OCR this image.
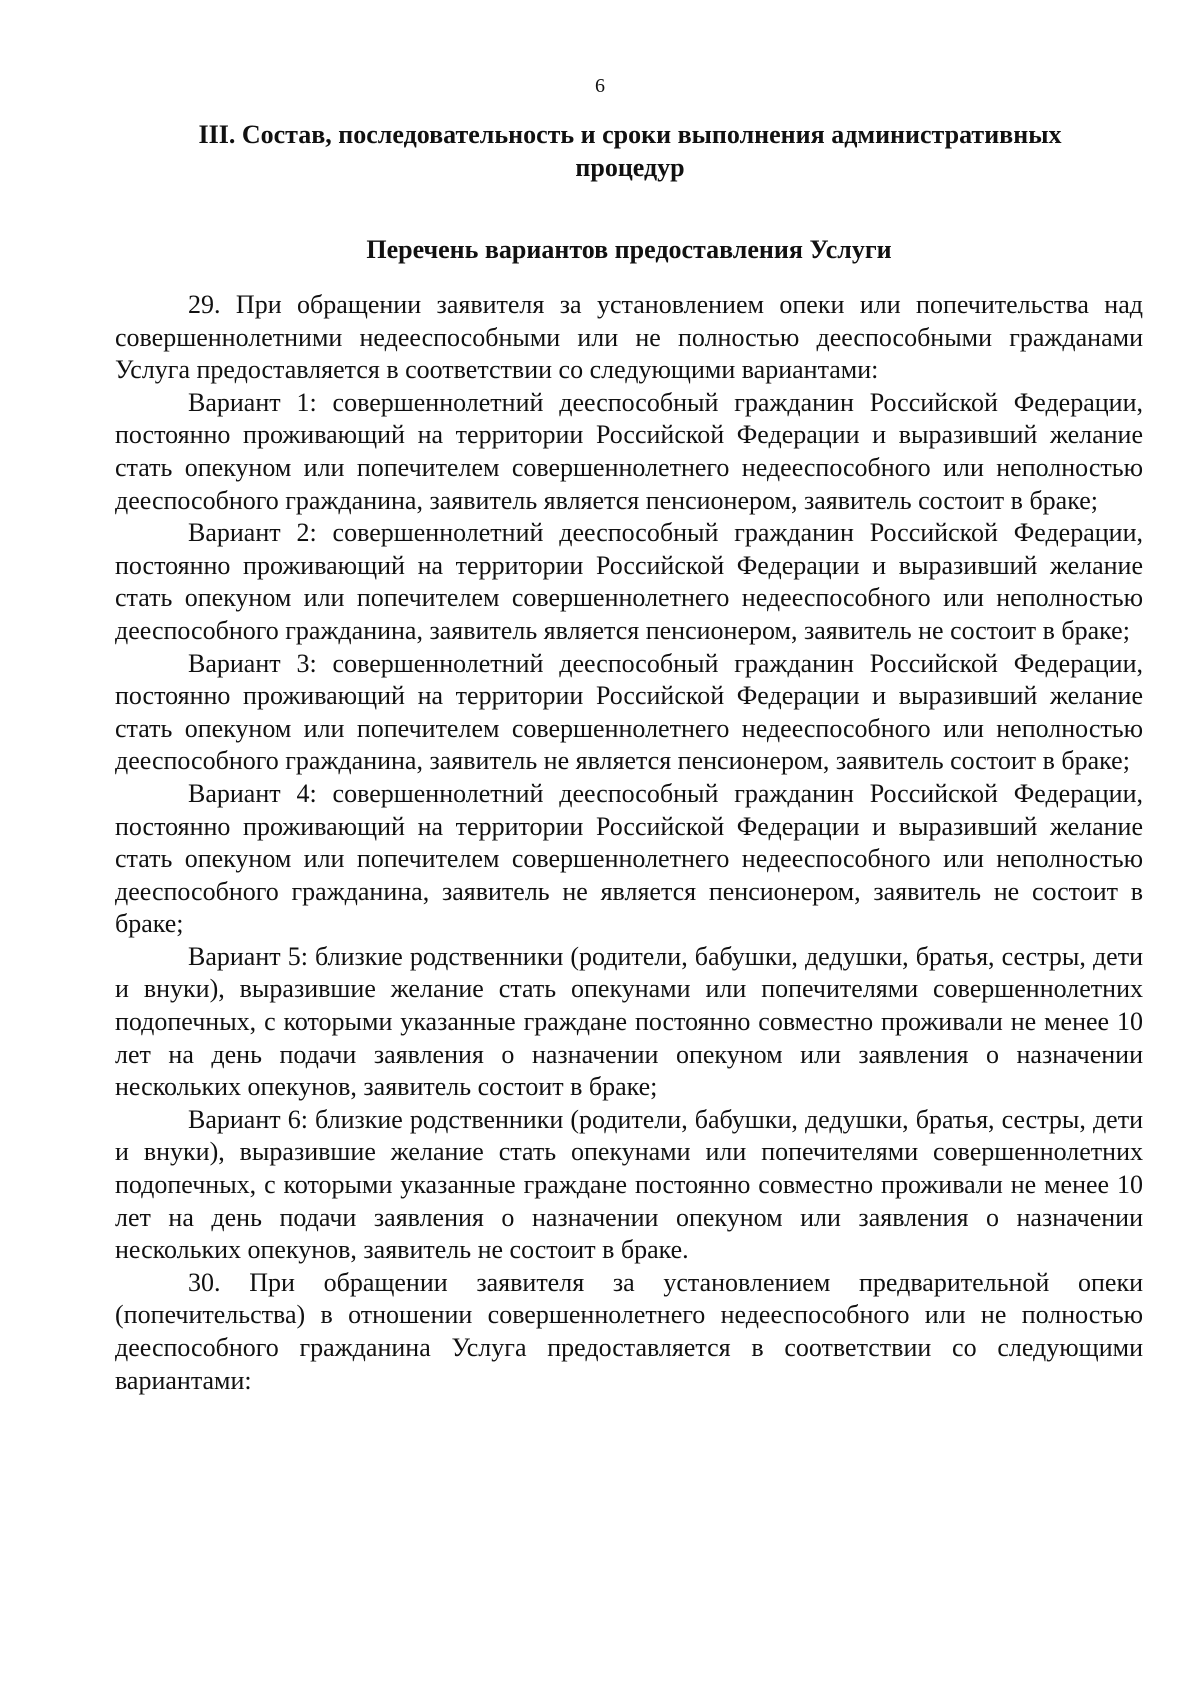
6
III. Состав, последовательность и сроки выполнения административных процедур
Перечень вариантов предоставления Услуги

29. При обращении заявителя за установлением опеки или попечительства над совершеннолетними недееспособными или не полностью дееспособными гражданами Услуга предоставляется в соответствии со следующими вариантами:

Вариант 1: совершеннолетний дееспособный гражданин Российской Федерации, постоянно проживающий на территории Российской Федерации и выразивший желание стать опекуном или попечителем совершеннолетнего недееспособного или неполностью дееспособного гражданина, заявитель является пенсионером, заявитель состоит в браке;

Вариант 2: совершеннолетний дееспособный гражданин Российской Федерации, постоянно проживающий на территории Российской Федерации и выразивший желание стать опекуном или попечителем совершеннолетнего недееспособного или неполностью дееспособного гражданина, заявитель является пенсионером, заявитель не состоит в браке;

Вариант 3: совершеннолетний дееспособный гражданин Российской Федерации, постоянно проживающий на территории Российской Федерации и выразивший желание стать опекуном или попечителем совершеннолетнего недееспособного или неполностью дееспособного гражданина, заявитель не является пенсионером, заявитель состоит в браке;

Вариант 4: совершеннолетний дееспособный гражданин Российской Федерации, постоянно проживающий на территории Российской Федерации и выразивший желание стать опекуном или попечителем совершеннолетнего недееспособного или неполностью дееспособного гражданина, заявитель не является пенсионером, заявитель не состоит в браке;

Вариант 5: близкие родственники (родители, бабушки, дедушки, братья, сестры, дети и внуки), выразившие желание стать опекунами или попечителями совершеннолетних подопечных, с которыми указанные граждане постоянно совместно проживали не менее 10 лет на день подачи заявления о назначении опекуном или заявления о назначении нескольких опекунов, заявитель состоит в браке;

Вариант 6: близкие родственники (родители, бабушки, дедушки, братья, сестры, дети и внуки), выразившие желание стать опекунами или попечителями совершеннолетних подопечных, с которыми указанные граждане постоянно совместно проживали не менее 10 лет на день подачи заявления о назначении опекуном или заявления о назначении нескольких опекунов, заявитель не состоит в браке.

30. При обращении заявителя за установлением предварительной опеки (попечительства) в отношении совершеннолетнего недееспособного или не полностью дееспособного гражданина Услуга предоставляется в соответствии со следующими вариантами:
